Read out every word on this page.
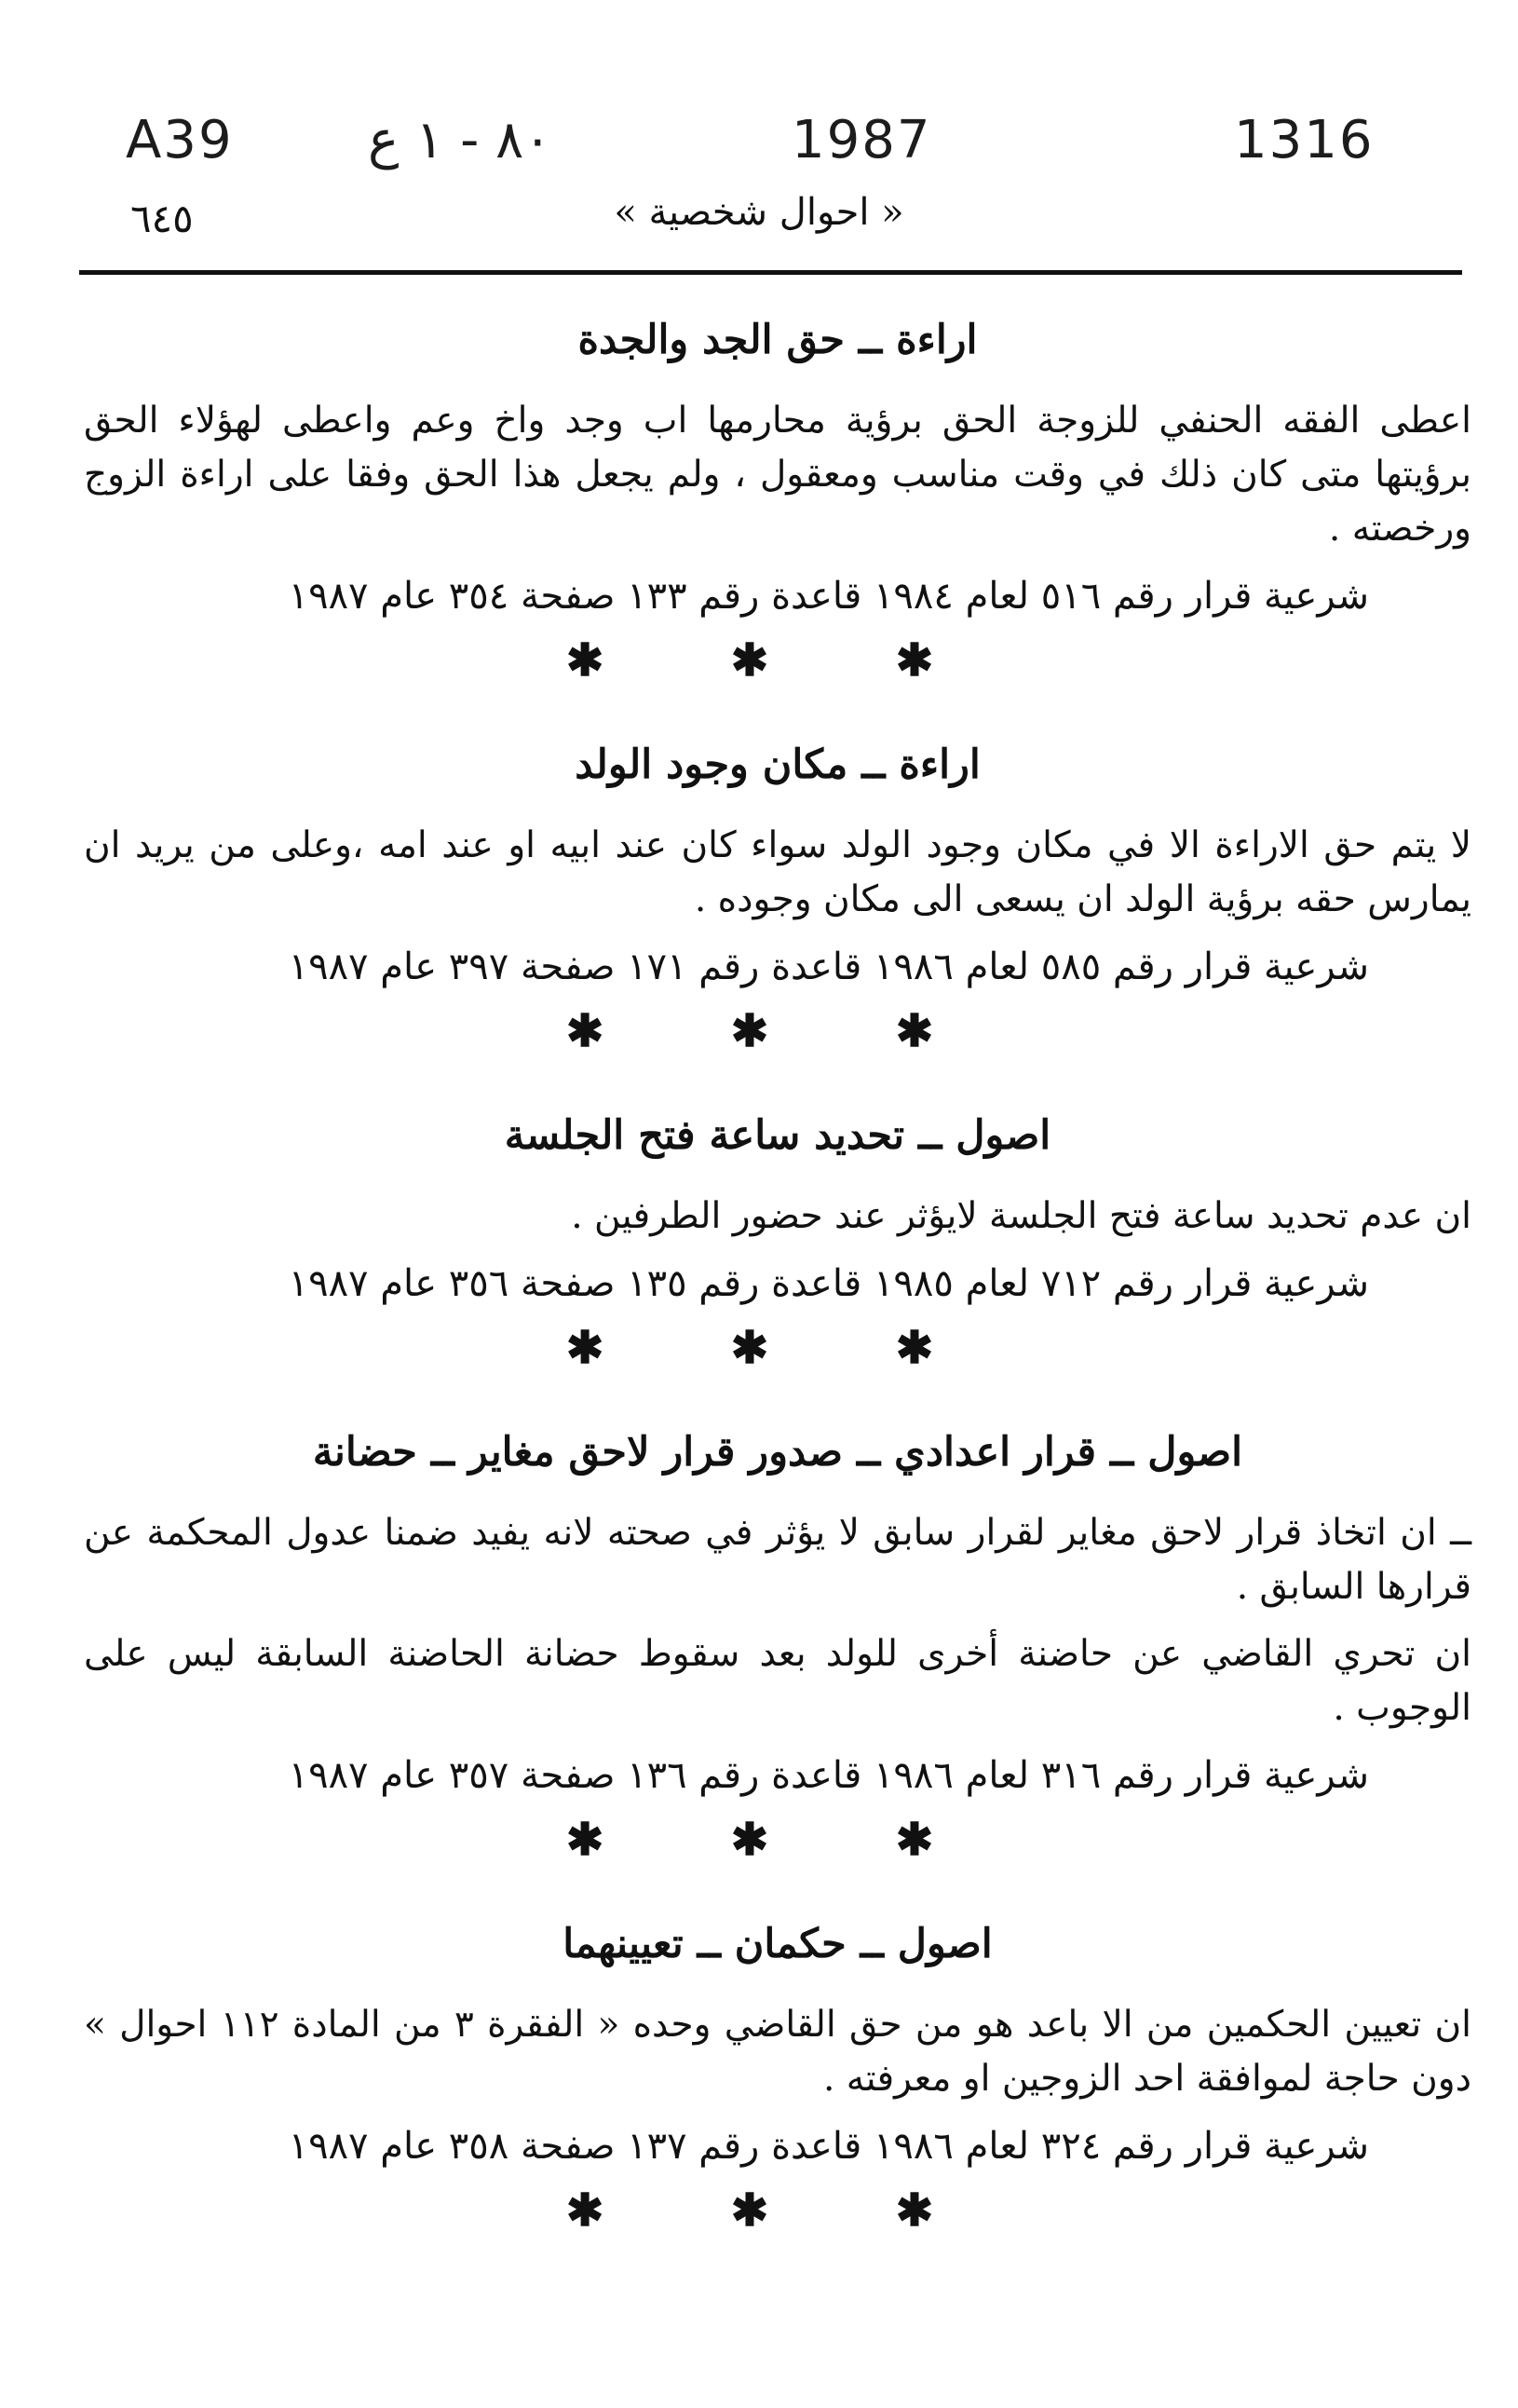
A39	٨٠ - ١ ع	1987	1316
٦٤٥	« احوال شخصية »
اراءة ــ حق الجد والجدة
اعطى الفقه الحنفي للزوجة الحق برؤية محارمها اب وجد واخ وعم واعطى لهؤلاء الحق برؤيتها متى كان ذلك في وقت مناسب ومعقول ، ولم يجعل هذا الحق وفقا على اراءة الزوج ورخصته .
شرعية قرار رقم ٥١٦ لعام ١٩٨٤ قاعدة رقم ١٣٣ صفحة ٣٥٤ عام ١٩٨٧
✱ ✱ ✱
اراءة ــ مكان وجود الولد
لا يتم حق الاراءة الا في مكان وجود الولد سواء كان عند ابيه او عند امه ،وعلى من يريد ان يمارس حقه برؤية الولد ان يسعى الى مكان وجوده .
شرعية قرار رقم ٥٨٥ لعام ١٩٨٦ قاعدة رقم ١٧١ صفحة ٣٩٧ عام ١٩٨٧
✱ ✱ ✱
اصول ــ تحديد ساعة فتح الجلسة
ان عدم تحديد ساعة فتح الجلسة لايؤثر عند حضور الطرفين .
شرعية قرار رقم ٧١٢ لعام ١٩٨٥ قاعدة رقم ١٣٥ صفحة ٣٥٦ عام ١٩٨٧
✱ ✱ ✱
اصول ــ قرار اعدادي ــ صدور قرار لاحق مغاير ــ حضانة
ــ ان اتخاذ قرار لاحق مغاير لقرار سابق لا يؤثر في صحته لانه يفيد ضمنا عدول المحكمة عن قرارها السابق .
ان تحري القاضي عن حاضنة أخرى للولد بعد سقوط حضانة الحاضنة السابقة ليس على الوجوب .
شرعية قرار رقم ٣١٦ لعام ١٩٨٦ قاعدة رقم ١٣٦ صفحة ٣٥٧ عام ١٩٨٧
✱ ✱ ✱
اصول ــ حكمان ــ تعيينهما
ان تعيين الحكمين من الا باعد هو من حق القاضي وحده « الفقرة ٣ من المادة ١١٢ احوال » دون حاجة لموافقة احد الزوجين او معرفته .
شرعية قرار رقم ٣٢٤ لعام ١٩٨٦ قاعدة رقم ١٣٧ صفحة ٣٥٨ عام ١٩٨٧
✱ ✱ ✱
